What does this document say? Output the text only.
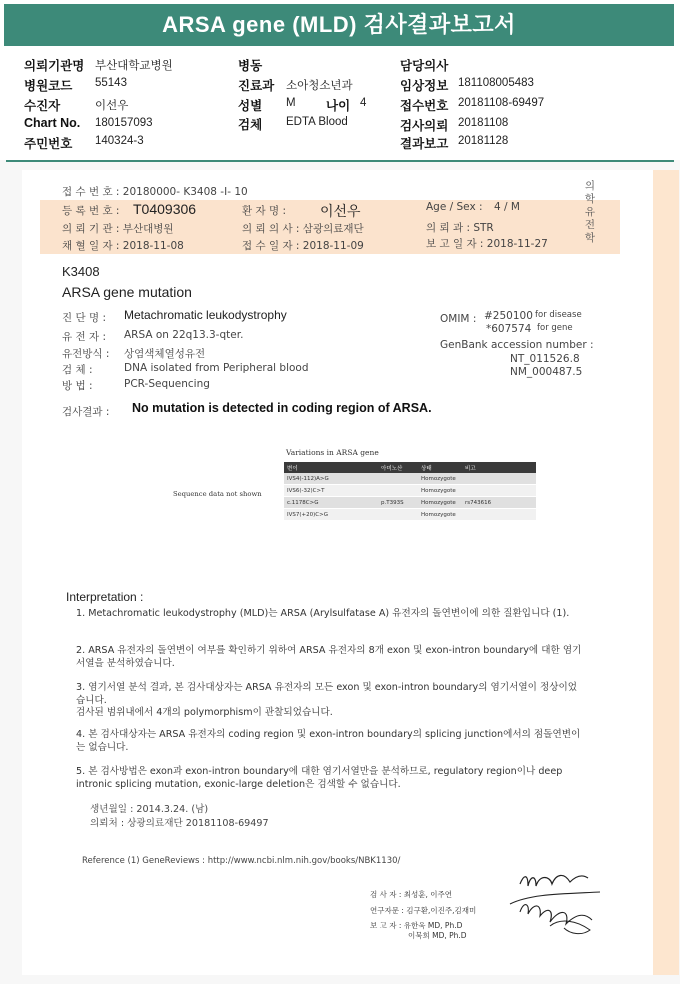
ARSA gene (MLD) 검사결과보고서
의뢰기관명 부산대학교병원
병원코드 55143
수진자	이선우
Chart No. 180157093
주민번호 140324-3
병동
진료과 소아청소년과
성별 M 나이 4
검체 EDTA Blood
담당의사
임상정보 181108005483
접수번호 20181108-69497
검사의뢰 20181108
결과보고 20181128
의학유전학
접 수 번 호 : 20180000- K3408 -I- 10
등 록 번 호 : T0409306	환 자 명 : 이선우	Age / Sex : 4 / M
의 뢰 기 관 : 부산대병원	의 뢰 의 사 : 삼광의료재단	의 뢰 과 : STR
채 혈 일 자 : 2018-11-08	접 수 일 자 : 2018-11-09	보 고 일 자 : 2018-11-27
K3408
ARSA gene mutation
진 단 명 : Metachromatic leukodystrophy
유 전 자 : ARSA on 22q13.3-qter.
유전방식 : 상염색체열성유전
검 체 :	DNA isolated from Peripheral blood
방 법 :	PCR-Sequencing
OMIM : #250100 for disease
*607574 for gene
GenBank accession number :
NT_011526.8
NM_000487.5
검사결과 : No mutation is detected in coding region of ARSA.
Variations in ARSA gene
Sequence data not shown
변이	아미노산	상태	비고
IVS4(-112)A>G		Homozygote	
IVS6(-32)C>T		Homozygote	
c.1178C>G	p.T393S	Homozygote	rs743616
IVS7(+20)C>G		Homozygote	
Interpretation :
1. Metachromatic leukodystrophy (MLD)는 ARSA (Arylsulfatase A) 유전자의 돌연변이에 의한 질환입니다 (1).
2. ARSA 유전자의 돌연변이 여부를 확인하기 위하여 ARSA 유전자의 8개 exon 및 exon-intron boundary에 대한 염기서열을 분석하였습니다.
3. 염기서열 분석 결과, 본 검사대상자는 ARSA 유전자의 모든 exon 및 exon-intron boundary의 염기서열이 정상이었습니다.
검사된 범위내에서 4개의 polymorphism이 관찰되었습니다.
4. 본 검사대상자는 ARSA 유전자의 coding region 및 exon-intron boundary의 splicing junction에서의 점돌연변이는 없습니다.
5. 본 검사방법은 exon과 exon-intron boundary에 대한 염기서열만을 분석하므로, regulatory region이나 deep intronic splicing mutation, exonic-large deletion은 검색할 수 없습니다.
생년월일 : 2014.3.24. (남)
의뢰처 : 상광의료재단 20181108-69497
Reference (1) GeneReviews : http://www.ncbi.nlm.nih.gov/books/NBK1130/
검 사 자 : 최성훈, 이주연
연구자문 : 김구환,이진주,김재미
보 고 자 : 유한욱 MD, Ph.D
이묵희 MD, Ph.D
